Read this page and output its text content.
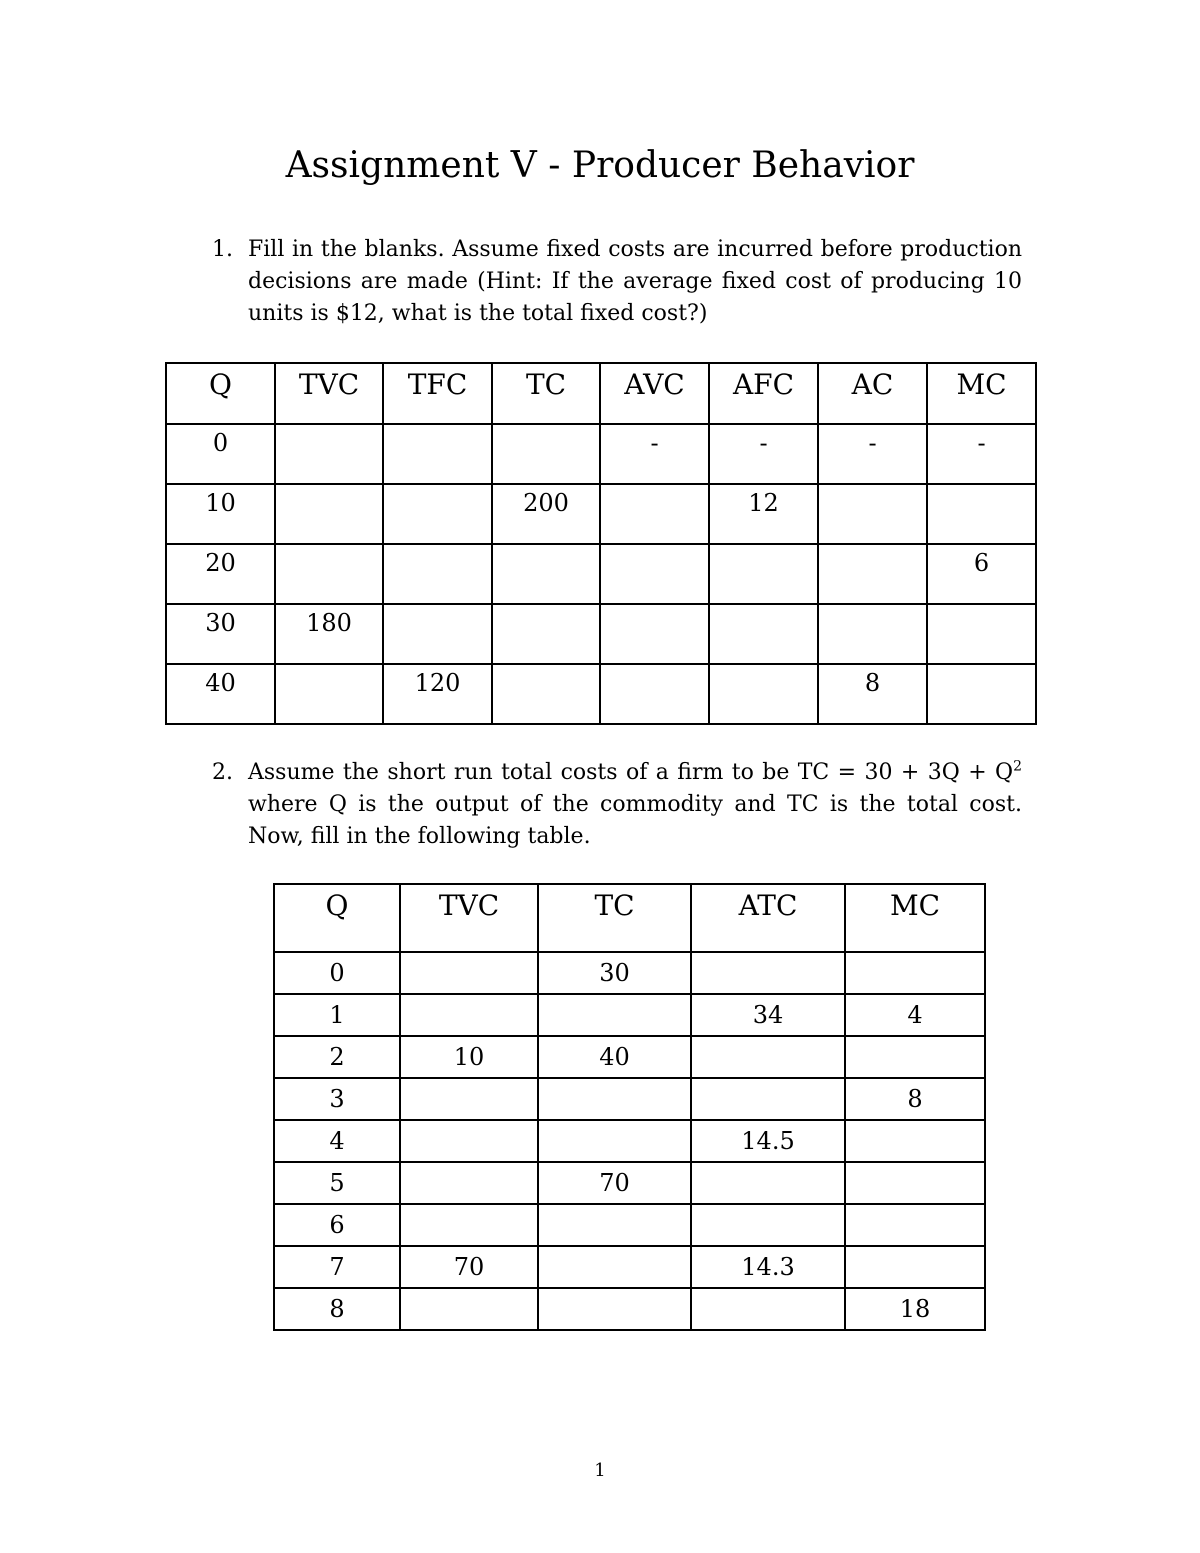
Assignment V - Producer Behavior
1. Fill in the blanks. Assume fixed costs are incurred before production decisions are made (Hint: If the average fixed cost of producing 10 units is $12, what is the total fixed cost?)
Q	TVC	TFC	TC	AVC	AFC	AC	MC
0				-	-	-	-
10			200		12		
20							6
30	180						
40		120				8	
2. Assume the short run total costs of a firm to be TC = $30 + 3Q + Q^2$ where Q is the output of the commodity and TC is the total cost. Now, fill in the following table.
Q	TVC	TC	ATC	MC
0		30		
1			34	4
2	10	40		
3				8
4			14.5	
5		70		
6				
7	70		14.3	
8				18
1
